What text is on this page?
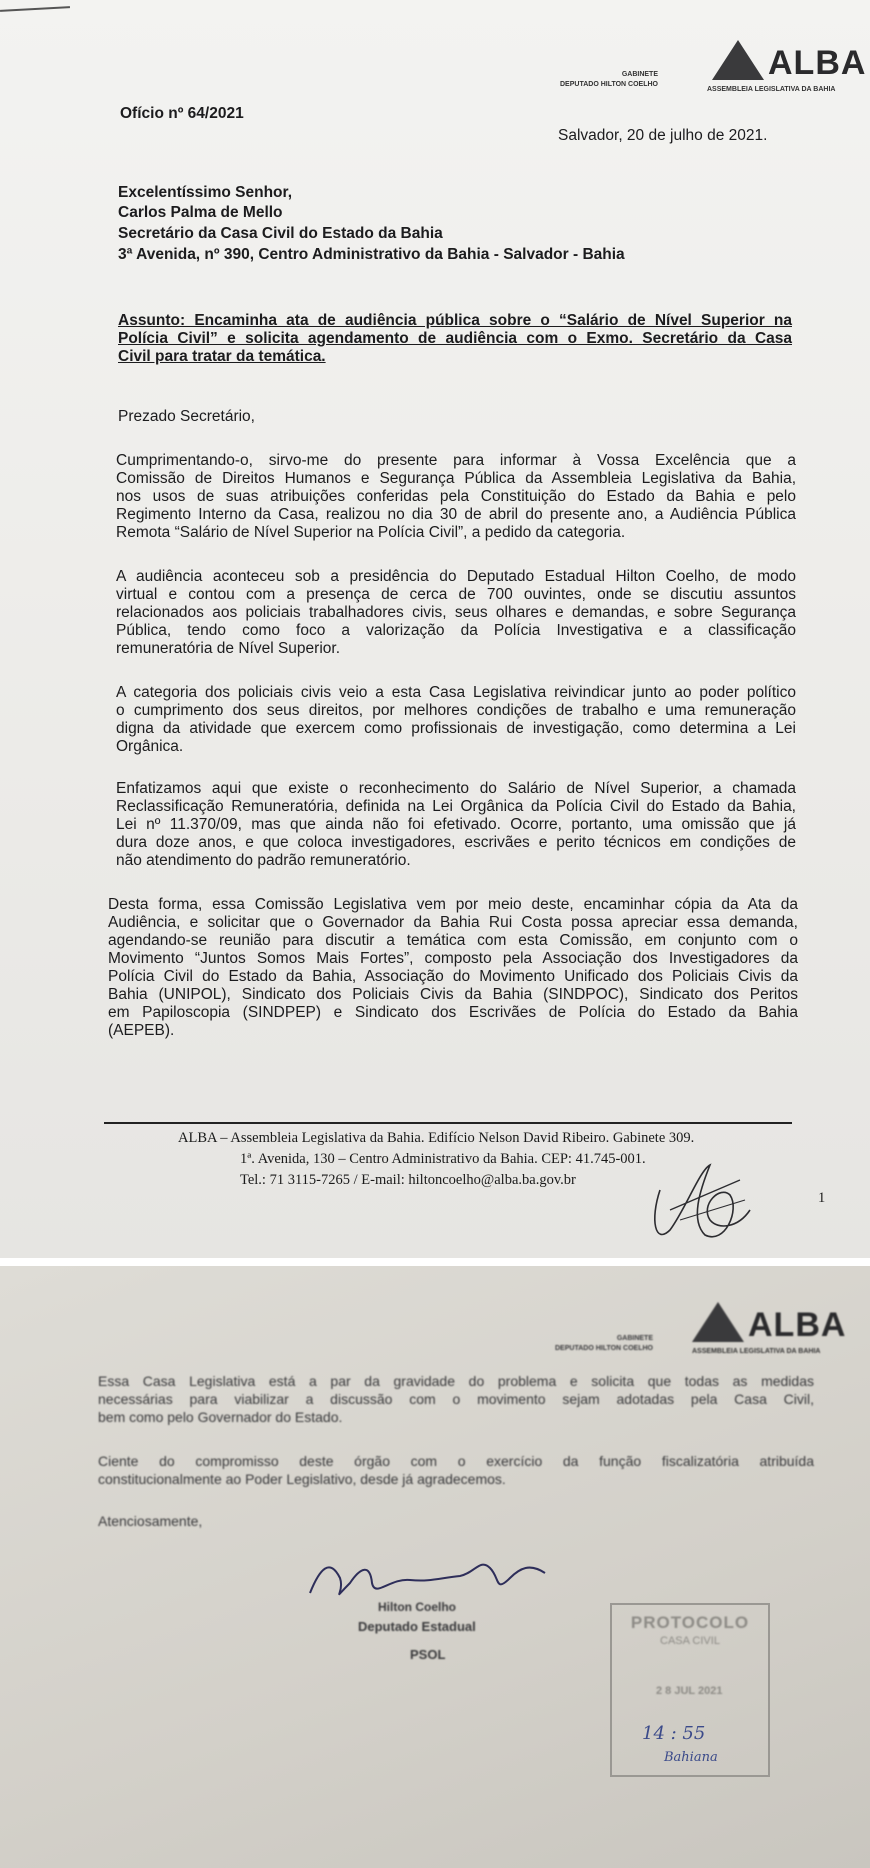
GABINETE
DEPUTADO HILTON COELHO
ALBA
ASSEMBLEIA LEGISLATIVA DA BAHIA
Ofício nº 64/2021
Salvador, 20 de julho de 2021.
Excelentíssimo Senhor,
Carlos Palma de Mello
Secretário da Casa Civil do Estado da Bahia
3ª Avenida, nº 390, Centro Administrativo da Bahia - Salvador - Bahia
Assunto: Encaminha ata de audiência pública sobre o “Salário de Nível Superior na
Polícia Civil” e solicita agendamento de audiência com o Exmo. Secretário da Casa
Civil para tratar da temática.
Prezado Secretário,
Cumprimentando-o, sirvo-me do presente para informar à Vossa Excelência que a
Comissão de Direitos Humanos e Segurança Pública da Assembleia Legislativa da Bahia,
nos usos de suas atribuições conferidas pela Constituição do Estado da Bahia e pelo
Regimento Interno da Casa, realizou no dia 30 de abril do presente ano, a Audiência Pública
Remota “Salário de Nível Superior na Polícia Civil”, a pedido da categoria.
A audiência aconteceu sob a presidência do Deputado Estadual Hilton Coelho, de modo
virtual e contou com a presença de cerca de 700 ouvintes, onde se discutiu assuntos
relacionados aos policiais trabalhadores civis, seus olhares e demandas, e sobre Segurança
Pública, tendo como foco a valorização da Polícia Investigativa e a classificação
remuneratória de Nível Superior.
A categoria dos policiais civis veio a esta Casa Legislativa reivindicar junto ao poder político
o cumprimento dos seus direitos, por melhores condições de trabalho e uma remuneração
digna da atividade que exercem como profissionais de investigação, como determina a Lei
Orgânica.
Enfatizamos aqui que existe o reconhecimento do Salário de Nível Superior, a chamada
Reclassificação Remuneratória, definida na Lei Orgânica da Polícia Civil do Estado da Bahia,
Lei nº 11.370/09, mas que ainda não foi efetivado. Ocorre, portanto, uma omissão que já
dura doze anos, e que coloca investigadores, escrivães e perito técnicos em condições de
não atendimento do padrão remuneratório.
Desta forma, essa Comissão Legislativa vem por meio deste, encaminhar cópia da Ata da
Audiência, e solicitar que o Governador da Bahia Rui Costa possa apreciar essa demanda,
agendando-se reunião para discutir a temática com esta Comissão, em conjunto com o
Movimento “Juntos Somos Mais Fortes”, composto pela Associação dos Investigadores da
Polícia Civil do Estado da Bahia, Associação do Movimento Unificado dos Policiais Civis da
Bahia (UNIPOL), Sindicato dos Policiais Civis da Bahia (SINDPOC), Sindicato dos Peritos
em Papiloscopia (SINDPEP) e Sindicato dos Escrivães de Polícia do Estado da Bahia
(AEPEB).
ALBA – Assembleia Legislativa da Bahia. Edifício Nelson David Ribeiro. Gabinete 309.
1ª. Avenida, 130 – Centro Administrativo da Bahia. CEP: 41.745-001.
Tel.: 71 3115-7265 / E-mail: hiltoncoelho@alba.ba.gov.br
1
GABINETE
DEPUTADO HILTON COELHO
ALBA
ASSEMBLEIA LEGISLATIVA DA BAHIA
Essa Casa Legislativa está a par da gravidade do problema e solicita que todas as medidas
necessárias para viabilizar a discussão com o movimento sejam adotadas pela Casa Civil,
bem como pelo Governador do Estado.
Ciente do compromisso deste órgão com o exercício da função fiscalizatória atribuída
constitucionalmente ao Poder Legislativo, desde já agradecemos.
Atenciosamente,
Hilton Coelho
Deputado Estadual
PSOL
PROTOCOLO
CASA CIVIL
2 8 JUL 2021
14 : 55
Bahiana
